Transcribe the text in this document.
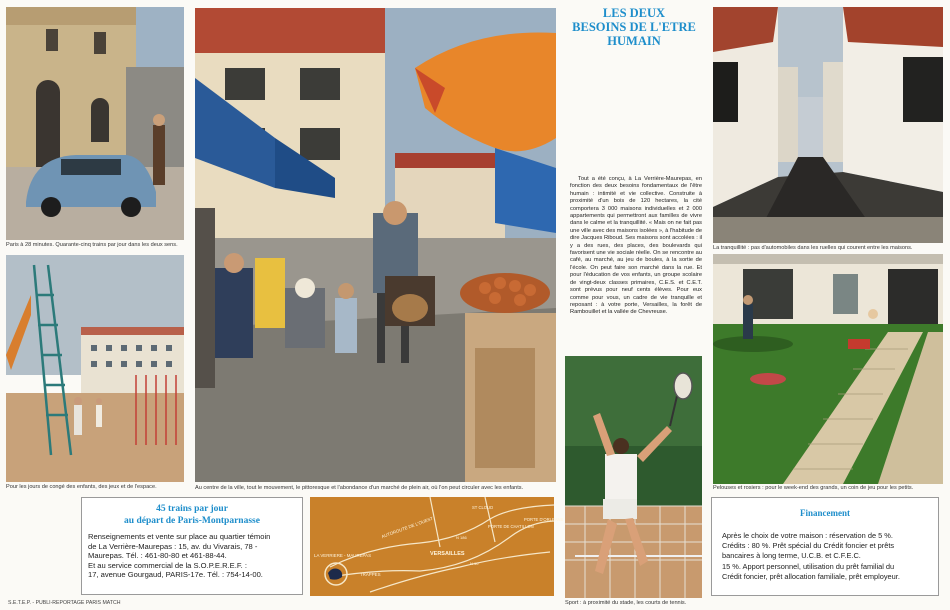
Paris à 28 minutes. Quarante-cinq trains par jour dans les deux sens.
Pour les jours de congé des enfants, des jeux et de l'espace.	Au centre de la ville, tout le mouvement, le pittoresque et l'abondance d'un marché de plein air, où l'on peut circuler avec les enfants.
LES DEUX
BESOINS DE L'ETRE
HUMAIN

Tout a été conçu, à La Verrière-Maurepas, en fonction des deux besoins fondamentaux de l'être humain : intimité et vie collective. Construite à proximité d'un bois de 120 hectares, la cité comportera 3 000 maisons individuelles et 2 000 appartements qui permettront aux familles de vivre dans le calme et la tranquillité. « Mais on ne fait pas une ville avec des maisons isolées », à l'habitude de dire Jacques Riboud. Ses maisons sont accolées : il y a des rues, des places, des boulevards qui favorisent une vie sociale réelle. On se rencontre au café, au marché, au jeu de boules, à la sortie de l'école. On peut faire son marché dans la rue. Et pour l'éducation de vos enfants, un groupe scolaire de vingt-deux classes primaires, C.E.S. et C.E.T. sont prévus pour neuf cents élèves. Pour eux comme pour vous, un cadre de vie tranquille et reposant : à votre porte, Versailles, la forêt de Rambouillet et la vallée de Chevreuse.

Sport : à proximité du stade, les courts de tennis.
La tranquillité : pas d'automobiles dans les ruelles qui courent entre les maisons.
Pelouses et rosiers : pour le week-end des grands, un coin de jeu pour les petits.
45 trains par jour
au départ de Paris-Montparnasse
Renseignements et vente sur place au quartier témoin
de La Verrière-Maurepas : 15, av. du Vivarais, 78 -
Maurepas. Tél. : 461-80-80 et 461-88-44.
Et au service commercial de la S.O.P.E.R.E.F. :
17, avenue Gourgaud, PARIS-17e. Tél. : 754-14-00.
AUTOROUTE DE L'OUEST
VERSAILLES
TRAPPES
LA VERRIERE - MAUREPAS
ST CLOUD
PORTE D'ORLEANS
PORTE DE CHATILLON
N 186
N 10
Financement
Après le choix de votre maison : réservation de 5 %.
Crédits : 80 %. Prêt spécial du Crédit foncier et prêts
bancaires à long terme, U.C.B. et C.F.E.C.
15 %. Apport personnel, utilisation du prêt familial du
Crédit foncier, prêt allocation familiale, prêt employeur.
S.E.T.E.P. - PUBLI-REPORTAGE PARIS MATCH
